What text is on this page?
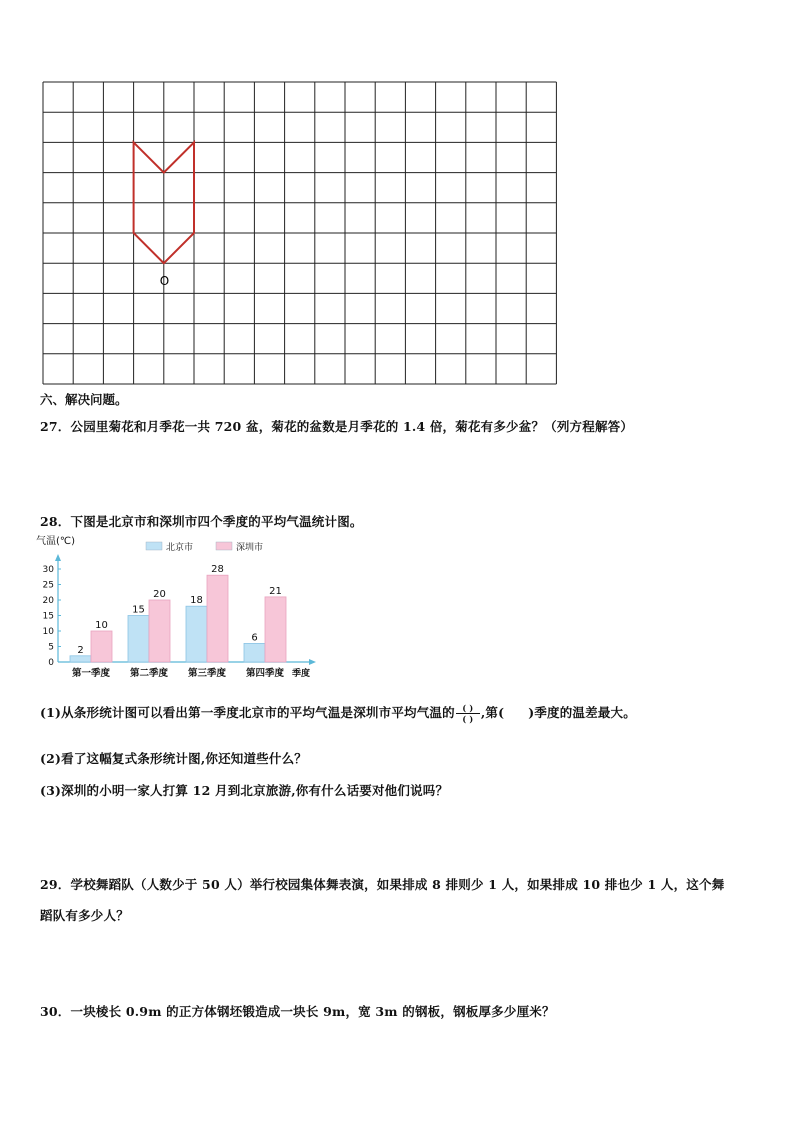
O
六、解决问题。
27．公园里菊花和月季花一共 720 盆，菊花的盆数是月季花的 1.4 倍，菊花有多少盆？（列方程解答）
28．下图是北京市和深圳市四个季度的平均气温统计图。
气温(℃)
季度
0
5
10
15
20
25
30
北京市	深圳市
2
10
第一季度
15
20
第二季度
18
28
第三季度
6
21
第四季度
(1)从条形统计图可以看出第一季度北京市的平均气温是深圳市平均气温的 $\frac{( )}{( )}$ ,第( )季度的温差最大。
(2)看了这幅复式条形统计图,你还知道些什么？
(3)深圳的小明一家人打算 12 月到北京旅游,你有什么话要对他们说吗？
29．学校舞蹈队（人数少于 50 人）举行校园集体舞表演，如果排成 8 排则少 1 人，如果排成 10 排也少 1 人，这个舞
蹈队有多少人？
30．一块棱长 0.9m 的正方体钢坯锻造成一块长 9m，宽 3m 的钢板，钢板厚多少厘米？
